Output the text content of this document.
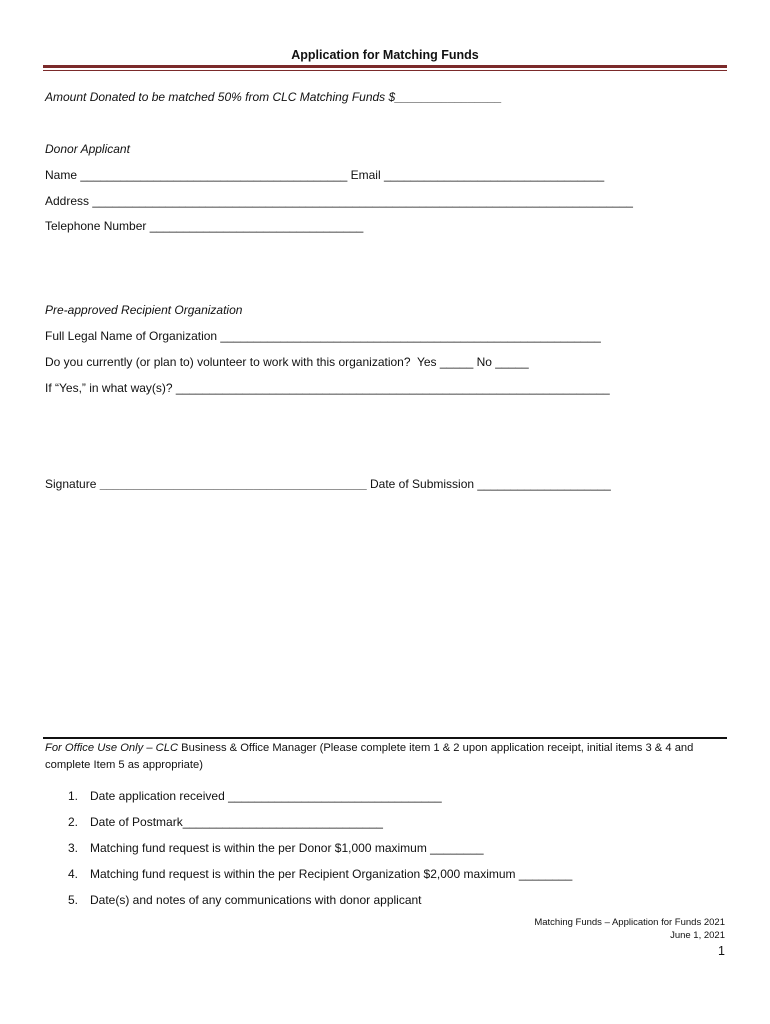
Application for Matching Funds
Amount Donated to be matched 50% from CLC Matching Funds $________________
Donor Applicant
Name ________________________________________ Email _________________________________
Address _________________________________________________________________________________
Telephone Number ________________________________
Pre-approved Recipient Organization
Full Legal Name of Organization _________________________________________________________
Do you currently (or plan to) volunteer to work with this organization?  Yes _____ No _____
If “Yes,” in what way(s)? _________________________________________________________________
Signature ________________________________________ Date of Submission ____________________
For Office Use Only – CLC Business & Office Manager (Please complete item 1 & 2 upon application receipt, initial items 3 & 4 and complete Item 5 as appropriate)
1. Date application received ________________________________
2. Date of Postmark______________________________
3. Matching fund request is within the per Donor $1,000 maximum ________
4. Matching fund request is within the per Recipient Organization $2,000 maximum ________
5. Date(s) and notes of any communications with donor applicant
Matching Funds – Application for Funds 2021
June 1, 2021
1
